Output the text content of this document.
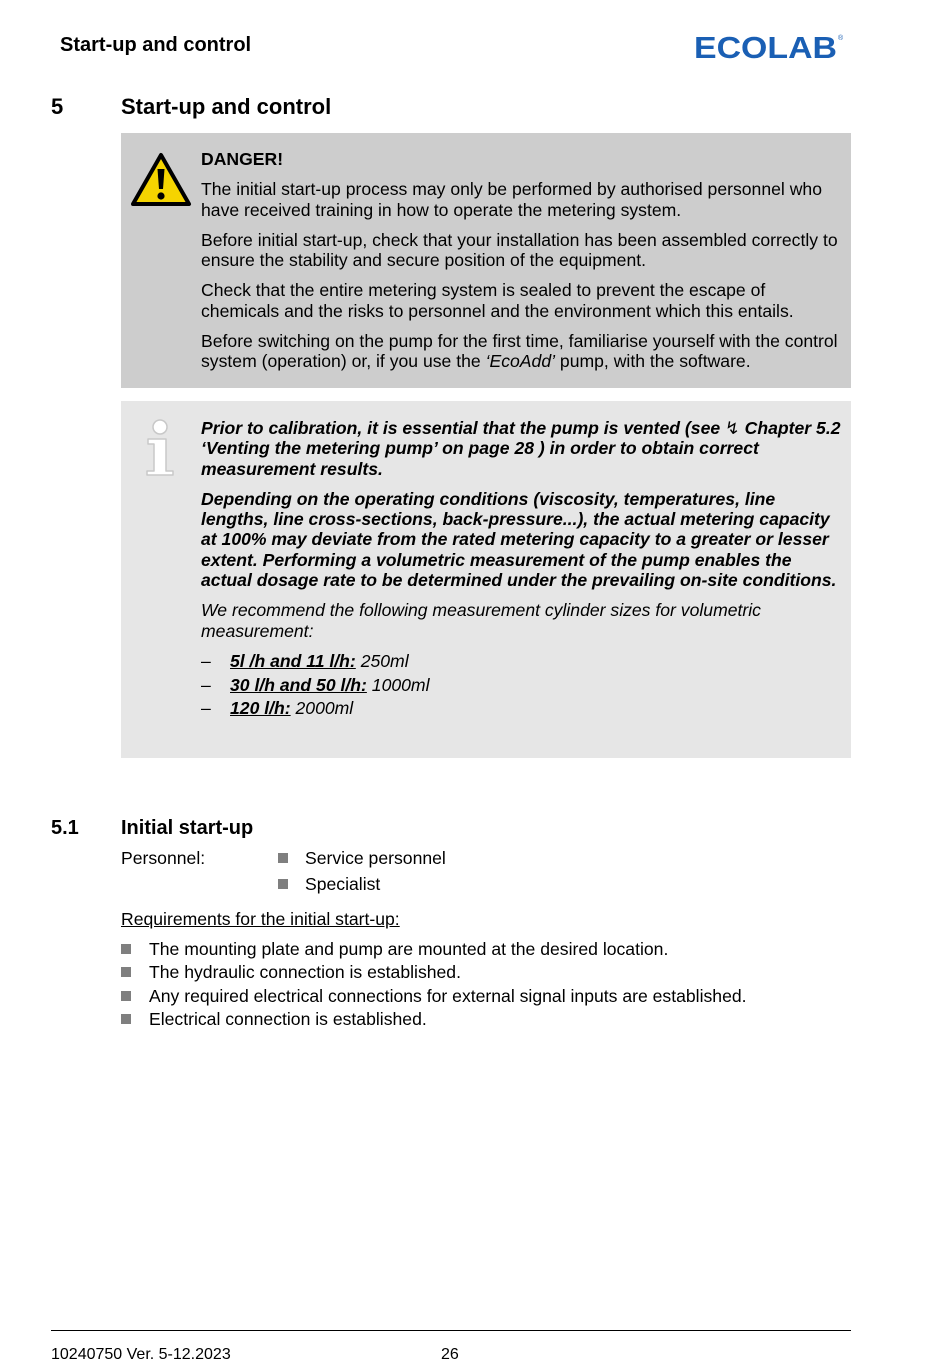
Start-up and control	ECOLAB ®
5	Start-up and control

DANGER!

The initial start-up process may only be performed by authorised personnel who have received training in how to operate the metering system.

Before initial start-up, check that your installation has been assembled correctly to ensure the stability and secure position of the equipment.

Check that the entire metering system is sealed to prevent the escape of chemicals and the risks to personnel and the environment which this entails.

Before switching on the pump for the first time, familiarise yourself with the control system (operation) or, if you use the ‘EcoAdd’ pump, with the software.

Prior to calibration, it is essential that the pump is vented (see ↯ Chapter 5.2 ‘Venting the metering pump’ on page 28 ) in order to obtain correct measurement results.

Depending on the operating conditions (viscosity, temperatures, line lengths, line cross-sections, back-pressure...), the actual metering capacity at 100% may deviate from the rated metering capacity to a greater or lesser extent. Performing a volumetric measurement of the pump enables the actual dosage rate to be determined under the prevailing on-site conditions.

We recommend the following measurement cylinder sizes for volumetric measurement:

– 5l /h and 11 l/h: 250ml
– 30 l/h and 50 l/h: 1000ml
– 120 l/h: 2000ml
5.1 Initial start-up
Personnel:	Service personnel
Specialist
Requirements for the initial start-up:
The mounting plate and pump are mounted at the desired location.
The hydraulic connection is established.
Any required electrical connections for external signal inputs are established.
Electrical connection is established.
10240750 Ver. 5-12.2023	26
